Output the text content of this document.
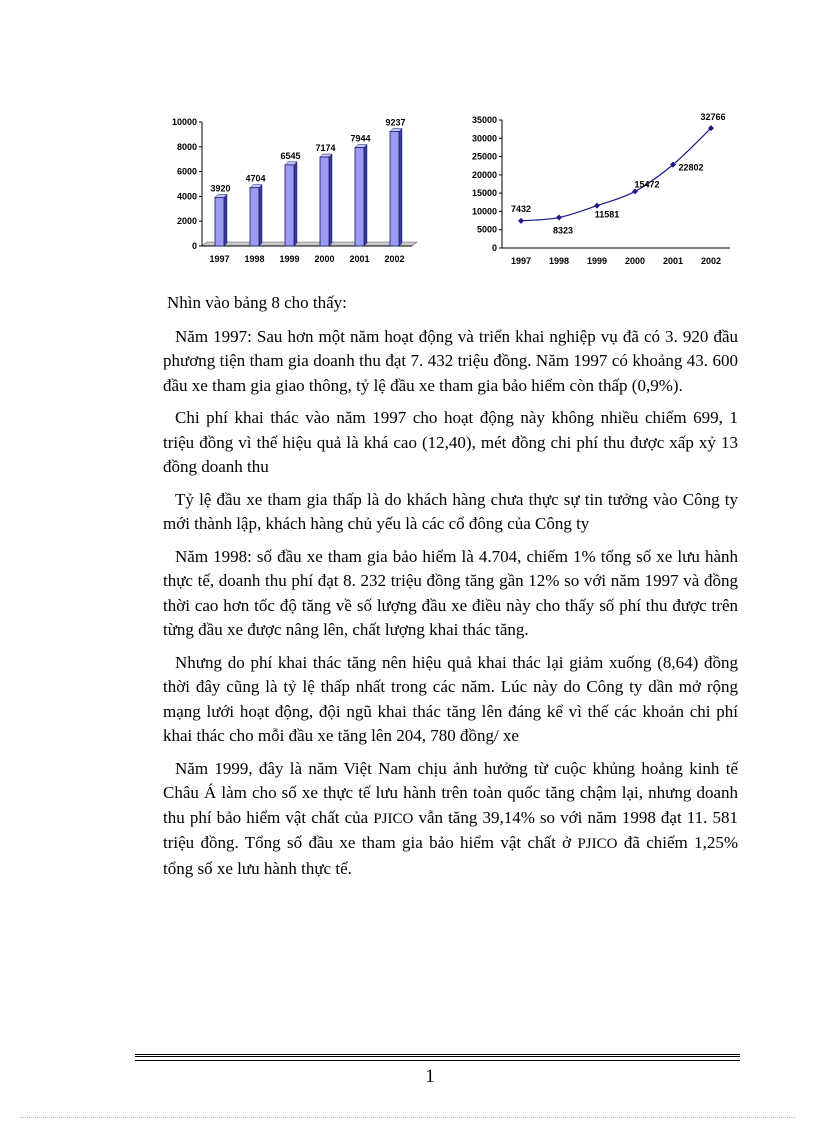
0
2000
4000
6000
8000
10000
3920
1997
4704
1998
6545
1999
7174
2000
7944
2001
9237
2002
0
5000
10000
15000
20000
25000
30000
35000
7432
1997
8323
1998
11581
1999
15472
2000
22802
2001
32766
2002

Nhìn vào bảng 8 cho thấy:

Năm 1997: Sau hơn một năm hoạt động và triển khai nghiệp vụ đã có 3. 920 đầu phương tiện tham gia doanh thu đạt 7. 432 triệu đồng. Năm 1997 có khoảng 43. 600 đầu xe tham gia giao thông, tỷ lệ đầu xe tham gia bảo hiểm còn thấp (0,9%).

Chi phí khai thác vào năm 1997 cho hoạt động này không nhiều chiếm 699, 1 triệu đồng vì thế hiệu quả là khá cao (12,40), mét đồng chi phí thu được xấp xỷ 13 đồng doanh thu

Tỷ lệ đầu xe tham gia thấp là do khách hàng chưa thực sự tin tưởng vào Công ty mới thành lập, khách hàng chủ yếu là các cổ đông của Công ty

Năm 1998: số đầu xe tham gia bảo hiểm là 4.704, chiếm 1% tổng số xe lưu hành thực tế, doanh thu phí đạt 8. 232 triệu đồng tăng gần 12% so với năm 1997 và đồng thời cao hơn tốc độ tăng về số lượng đầu xe điều này cho thấy số phí thu được trên từng đầu xe được nâng lên, chất lượng khai thác tăng.

Nhưng do phí khai thác tăng nên hiệu quả khai thác lại giảm xuống (8,64) đồng thời đây cũng là tỷ lệ thấp nhất trong các năm. Lúc này do Công ty dần mở rộng mạng lưới hoạt động, đội ngũ khai thác tăng lên đáng kể vì thế các khoản chi phí khai thác cho mỗi đầu xe tăng lên 204, 780 đồng/ xe

Năm 1999, đây là năm Việt Nam chịu ảnh hưởng từ cuộc khủng hoảng kinh tế Châu Á làm cho số xe thực tế lưu hành trên toàn quốc tăng chậm lại, nhưng doanh thu phí bảo hiểm vật chất của PJICO vẫn tăng 39,14% so với năm 1998 đạt 11. 581 triệu đồng. Tổng số đầu xe tham gia bảo hiểm vật chất ở PJICO đã chiếm 1,25% tổng số xe lưu hành thực tế.

1
